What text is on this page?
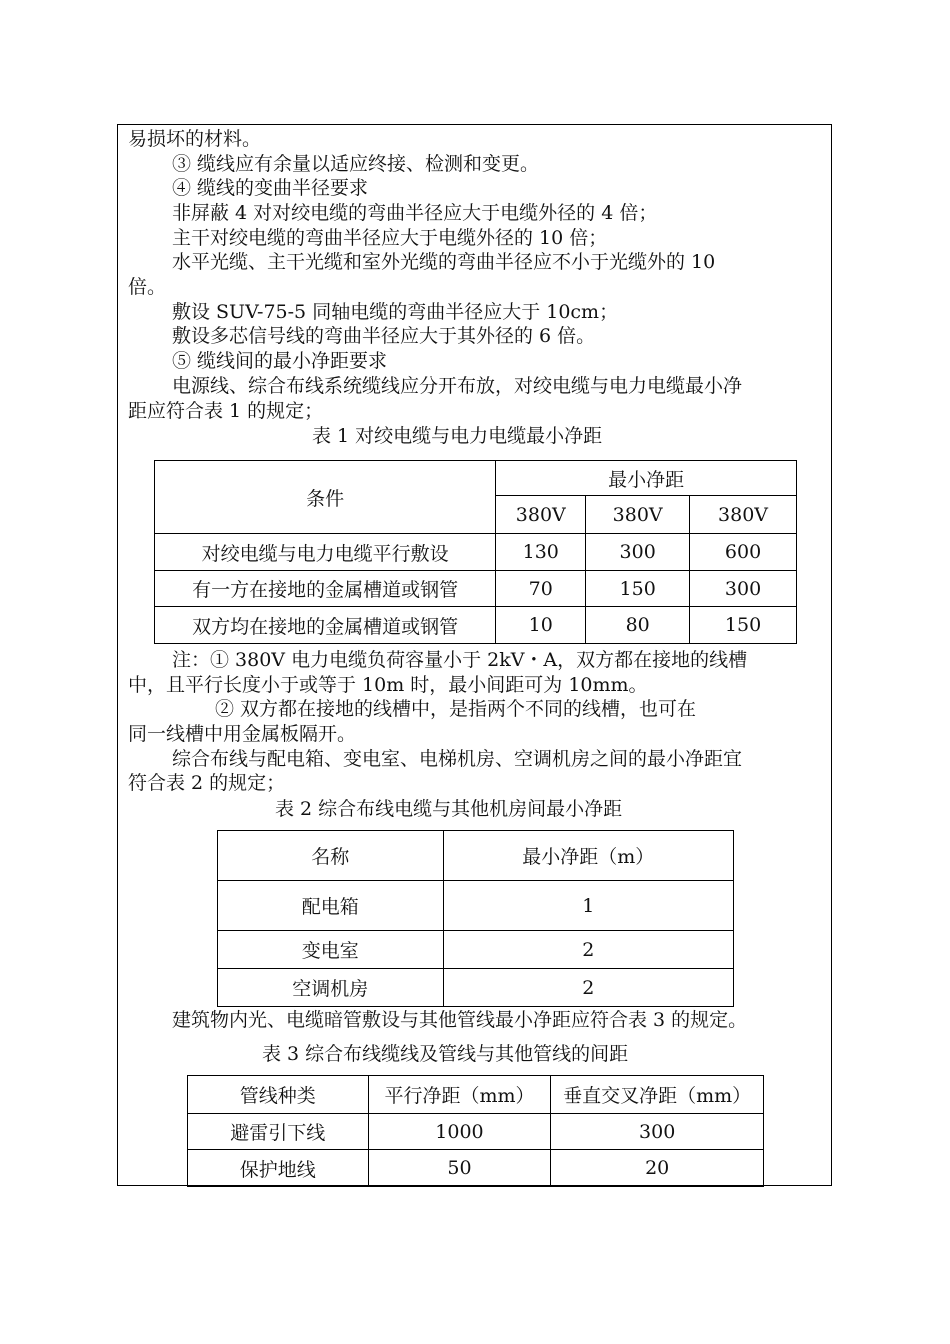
易损坏的材料。
③ 缆线应有余量以适应终接、检测和变更。
④ 缆线的变曲半径要求
非屏蔽 4 对对绞电缆的弯曲半径应大于电缆外径的 4 倍；
主干对绞电缆的弯曲半径应大于电缆外径的 10 倍；
水平光缆、主干光缆和室外光缆的弯曲半径应不小于光缆外的 10
倍。
敷设 SUV-75-5 同轴电缆的弯曲半径应大于 10cm；
敷设多芯信号线的弯曲半径应大于其外径的 6 倍。
⑤ 缆线间的最小净距要求
电源线、综合布线系统缆线应分开布放，对绞电缆与电力电缆最小净
距应符合表 1 的规定；
表 1 对绞电缆与电力电缆最小净距
条件	最小净距		
	380V	380V	380V
对绞电缆与电力电缆平行敷设	130	300	600
有一方在接地的金属槽道或钢管	70	150	300
双方均在接地的金属槽道或钢管	10	80	150
注：① 380V 电力电缆负荷容量小于 2kV・A，双方都在接地的线槽
中，且平行长度小于或等于 10m 时，最小间距可为 10mm。
② 双方都在接地的线槽中，是指两个不同的线槽，也可在
同一线槽中用金属板隔开。
综合布线与配电箱、变电室、电梯机房、空调机房之间的最小净距宜
符合表 2 的规定；
表 2 综合布线电缆与其他机房间最小净距
名称	最小净距（m）
配电箱	1
变电室	2
空调机房	2
建筑物内光、电缆暗管敷设与其他管线最小净距应符合表 3 的规定。
表 3 综合布线缆线及管线与其他管线的间距
管线种类	平行净距（mm）	垂直交叉净距（mm）
避雷引下线	1000	300
保护地线	50	20
